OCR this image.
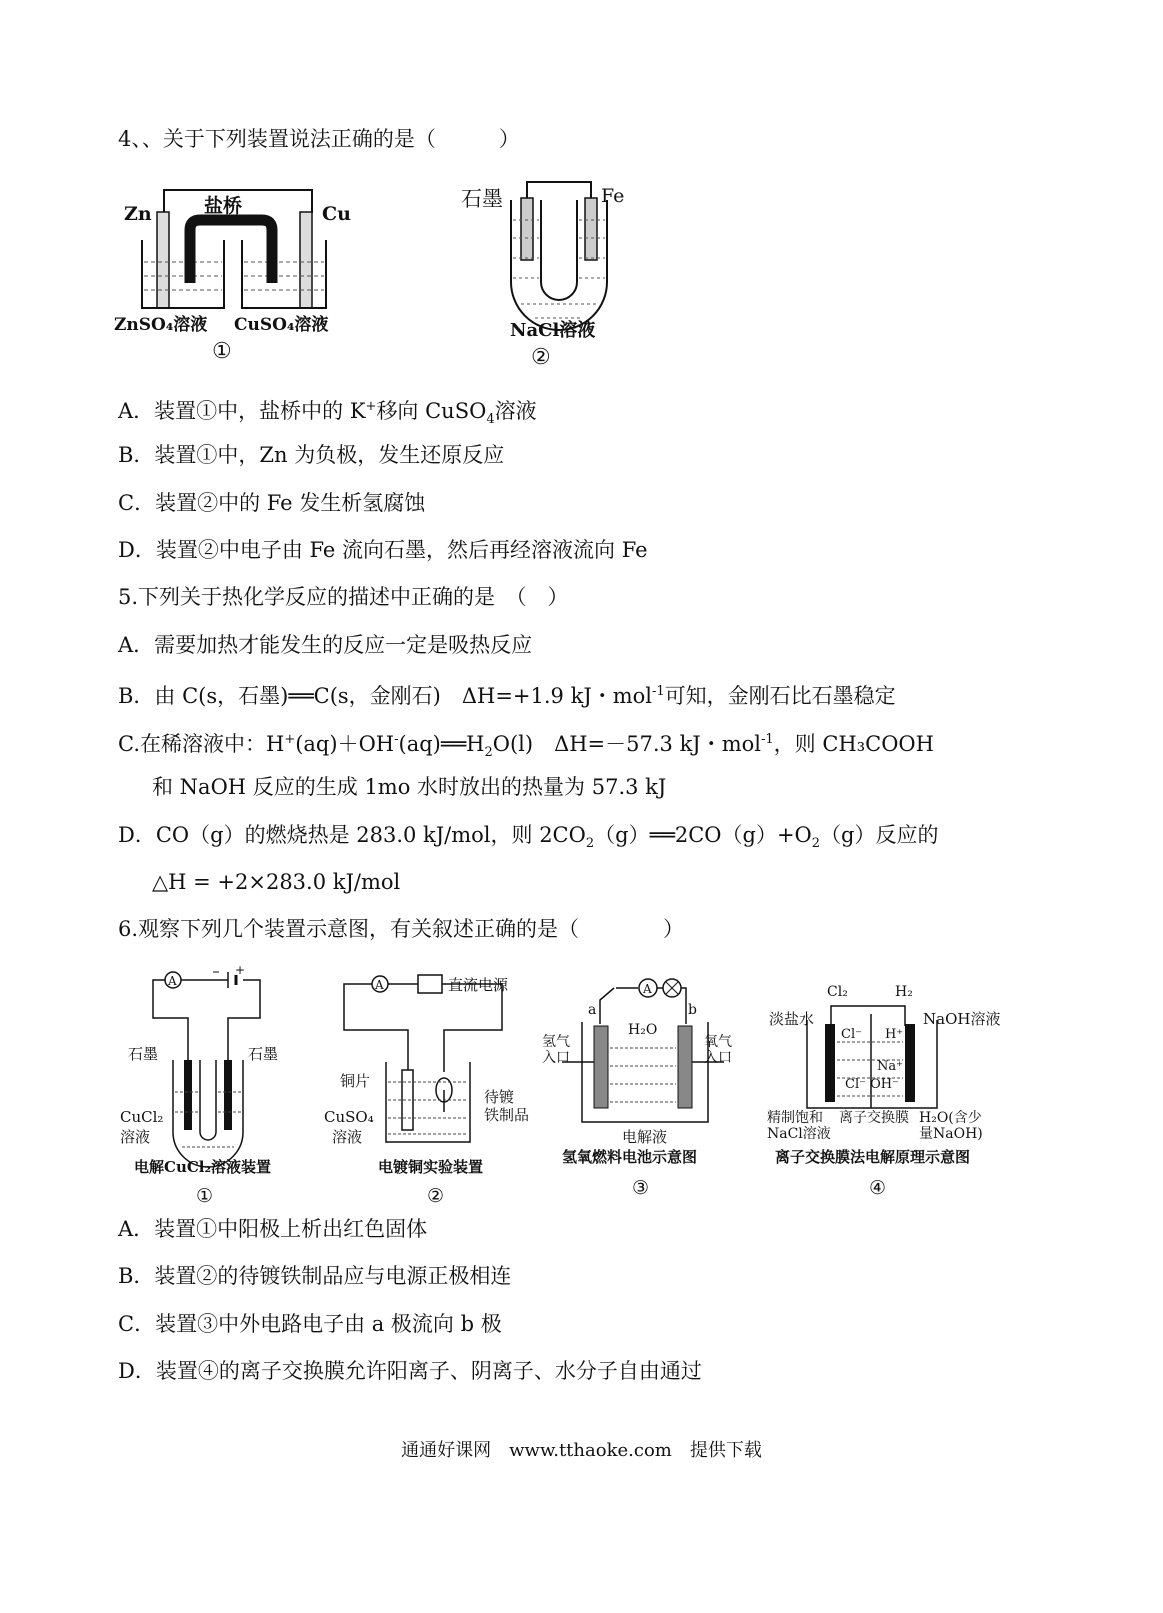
4、、关于下列装置说法正确的是（　　　）
Zn	Cu
盐桥
ZnSO₄溶液 CuSO₄溶液
①
石墨	Fe
NaCl溶液
②
A．装置①中，盐桥中的 K+移向 CuSO$_4$溶液
B．装置①中，Zn 为负极，发生还原反应
C．装置②中的 Fe 发生析氢腐蚀
D．装置②中电子由 Fe 流向石墨，然后再经溶液流向 Fe
5.下列关于热化学反应的描述中正确的是　（　）
A．需要加热才能发生的反应一定是吸热反应
B．由 C(s，石墨)══C(s，金刚石)　ΔH=+1.9 kJ・mol$^{-1}$可知，金刚石比石墨稳定
C.在稀溶液中：$H^+(aq)+OH^-(aq)══H_2O(l)$　ΔH=－57.3 kJ・mol$^{-1}$，则 CH₃COOH
和 NaOH 反应的生成 1mo 水时放出的热量为 57.3 kJ
D．CO（g）的燃烧热是 283.0 kJ/mol，则 $2CO_2(g)══2CO(g)+O_2(g)$反应的
△H = +2×283.0 kJ/mol
6.观察下列几个装置示意图，有关叙述正确的是（　　　　）
A
+
石墨	石墨
CuCl₂
溶液
电解CuCl₂溶液装置
①
A	直流电源
铜片
CuSO₄
溶液
待镀
铁制品
电镀铜实验装置
②
A
a	b
H₂O
氢气
入口
氧气
入口
电解液
氢氧燃料电池示意图
③
Cl₂	H₂
淡盐水	NaOH溶液
Cl⁻ H⁺
Na⁺
Cl⁻ OH⁻
精制饱和
NaCl溶液
离子交换膜 H₂O(含少
量NaOH)
离子交换膜法电解原理示意图
④
A．装置①中阳极上析出红色固体
B．装置②的待镀铁制品应与电源正极相连
C．装置③中外电路电子由 a 极流向 b 极
D．装置④的离子交换膜允许阳离子、阴离子、水分子自由通过
通通好课网　www.tthaoke.com　提供下载
